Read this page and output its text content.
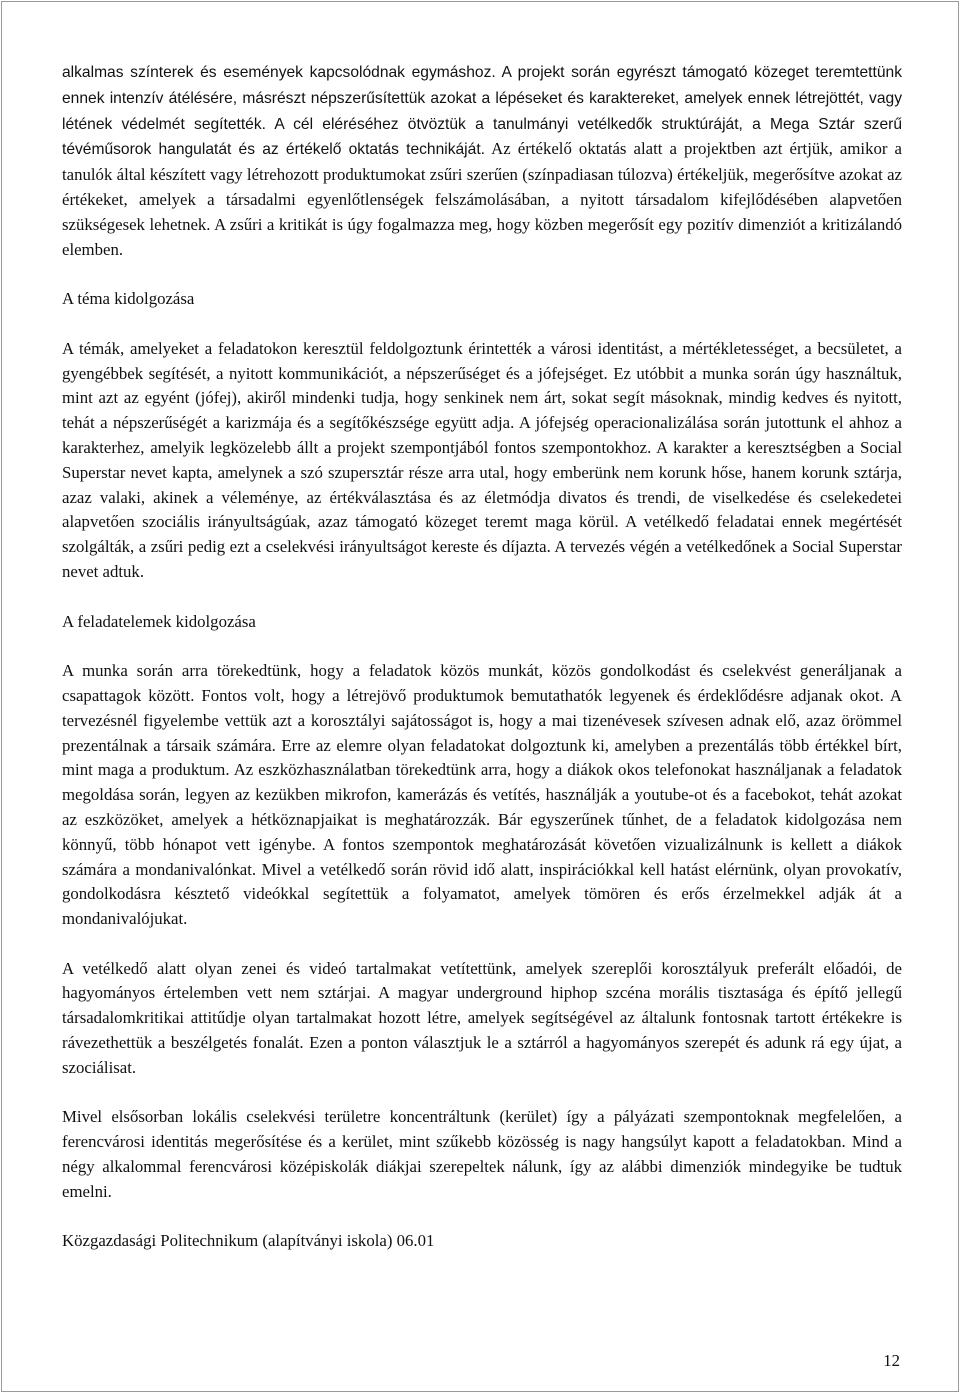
alkalmas színterek és események kapcsolódnak egymáshoz. A projekt során egyrészt támogató közeget teremtettünk ennek intenzív átélésére, másrészt népszerűsítettük azokat a lépéseket és karaktereket, amelyek ennek létrejöttét, vagy létének védelmét segítették. A cél eléréséhez ötvöztük a tanulmányi vetélkedők struktúráját, a Mega Sztár szerű tévéműsorok hangulatát és az értékelő oktatás technikáját. Az értékelő oktatás alatt a projektben azt értjük, amikor a tanulók által készített vagy létrehozott produktumokat zsűri szerűen (színpadiasan túlozva) értékeljük, megerősítve azokat az értékeket, amelyek a társadalmi egyenlőtlenségek felszámolásában, a nyitott társadalom kifejlődésében alapvetően szükségesek lehetnek. A zsűri a kritikát is úgy fogalmazza meg, hogy közben megerősít egy pozitív dimenziót a kritizálandó elemben.

A téma kidolgozása

A témák, amelyeket a feladatokon keresztül feldolgoztunk érintették a városi identitást, a mértékletességet, a becsületet, a gyengébbek segítését, a nyitott kommunikációt, a népszerűséget és a jófejséget. Ez utóbbit a munka során úgy használtuk, mint azt az egyént (jófej), akiről mindenki tudja, hogy senkinek nem árt, sokat segít másoknak, mindig kedves és nyitott, tehát a népszerűségét a karizmája és a segítőkészsége együtt adja. A jófejség operacionalizálása során jutottunk el ahhoz a karakterhez, amelyik legközelebb állt a projekt szempontjából fontos szempontokhoz. A karakter a keresztségben a Social Superstar nevet kapta, amelynek a szó szupersztár része arra utal, hogy emberünk nem korunk hőse, hanem korunk sztárja, azaz valaki, akinek a véleménye, az értékválasztása és az életmódja divatos és trendi, de viselkedése és cselekedetei alapvetően szociális irányultságúak, azaz támogató közeget teremt maga körül. A vetélkedő feladatai ennek megértését szolgálták, a zsűri pedig ezt a cselekvési irányultságot kereste és díjazta. A tervezés végén a vetélkedőnek a Social Superstar nevet adtuk.

A feladatelemek kidolgozása

A munka során arra törekedtünk, hogy a feladatok közös munkát, közös gondolkodást és cselekvést generáljanak a csapattagok között. Fontos volt, hogy a létrejövő produktumok bemutathatók legyenek és érdeklődésre adjanak okot. A tervezésnél figyelembe vettük azt a korosztályi sajátosságot is, hogy a mai tizenévesek szívesen adnak elő, azaz örömmel prezentálnak a társaik számára. Erre az elemre olyan feladatokat dolgoztunk ki, amelyben a prezentálás több értékkel bírt, mint maga a produktum. Az eszközhasználatban törekedtünk arra, hogy a diákok okos telefonokat használjanak a feladatok megoldása során, legyen az kezükben mikrofon, kamerázás és vetítés, használják a youtube-ot és a facebokot, tehát azokat az eszközöket, amelyek a hétköznapjaikat is meghatározzák. Bár egyszerűnek tűnhet, de a feladatok kidolgozása nem könnyű, több hónapot vett igénybe. A fontos szempontok meghatározását követően vizualizálnunk is kellett a diákok számára a mondanivalónkat. Mivel a vetélkedő során rövid idő alatt, inspirációkkal kell hatást elérnünk, olyan provokatív, gondolkodásra késztető videókkal segítettük a folyamatot, amelyek tömören és erős érzelmekkel adják át a mondanivalójukat.

A vetélkedő alatt olyan zenei és videó tartalmakat vetítettünk, amelyek szereplői korosztályuk preferált előadói, de hagyományos értelemben vett nem sztárjai. A magyar underground hiphop szcéna morális tisztasága és építő jellegű társadalomkritikai attitűdje olyan tartalmakat hozott létre, amelyek segítségével az általunk fontosnak tartott értékekre is rávezethettük a beszélgetés fonalát. Ezen a ponton választjuk le a sztárról a hagyományos szerepét és adunk rá egy újat, a szociálisat.

Mivel elsősorban lokális cselekvési területre koncentráltunk (kerület) így a pályázati szempontoknak megfelelően, a ferencvárosi identitás megerősítése és a kerület, mint szűkebb közösség is nagy hangsúlyt kapott a feladatokban. Mind a négy alkalommal ferencvárosi középiskolák diákjai szerepeltek nálunk, így az alábbi dimenziók mindegyike be tudtuk emelni.

Közgazdasági Politechnikum (alapítványi iskola) 06.01

12
